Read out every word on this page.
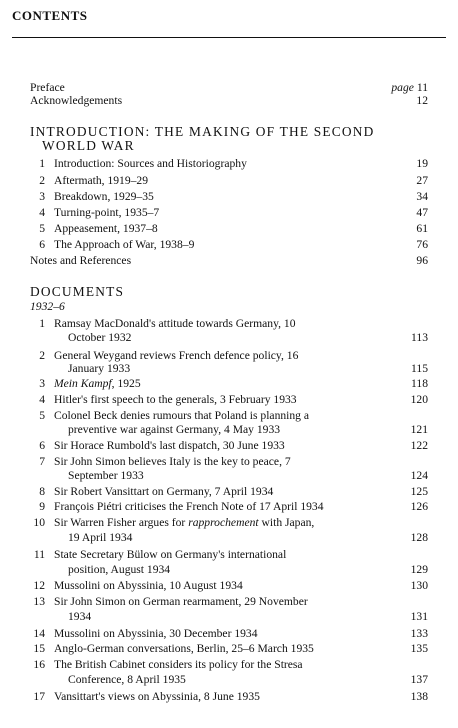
CONTENTS
Preface	page 11
Acknowledgements	12
INTRODUCTION: THE MAKING OF THE SECOND
WORLD WAR
1 Introduction: Sources and Historiography	19
2 Aftermath, 1919–29	27
3 Breakdown, 1929–35	34
4 Turning-point, 1935–7	47
5 Appeasement, 1937–8	61
6 The Approach of War, 1938–9	76
Notes and References	96
DOCUMENTS
1932–6
1 Ramsay MacDonald's attitude towards Germany, 10
October 1932	113
2 General Weygand reviews French defence policy, 16
January 1933	115
3 Mein Kampf, 1925	118
4 Hitler's first speech to the generals, 3 February 1933	120
5 Colonel Beck denies rumours that Poland is planning a
preventive war against Germany, 4 May 1933	121
6 Sir Horace Rumbold's last dispatch, 30 June 1933	122
7 Sir John Simon believes Italy is the key to peace, 7
September 1933	124
8 Sir Robert Vansittart on Germany, 7 April 1934	125
9 François Piétri criticises the French Note of 17 April 1934	126
10 Sir Warren Fisher argues for rapprochement with Japan,
19 April 1934	128
11 State Secretary Bülow on Germany's international
position, August 1934	129
12 Mussolini on Abyssinia, 10 August 1934	130
13 Sir John Simon on German rearmament, 29 November
1934	131
14 Mussolini on Abyssinia, 30 December 1934	133
15 Anglo-German conversations, Berlin, 25–6 March 1935	135
16 The British Cabinet considers its policy for the Stresa
Conference, 8 April 1935	137
17 Vansittart's views on Abyssinia, 8 June 1935	138
